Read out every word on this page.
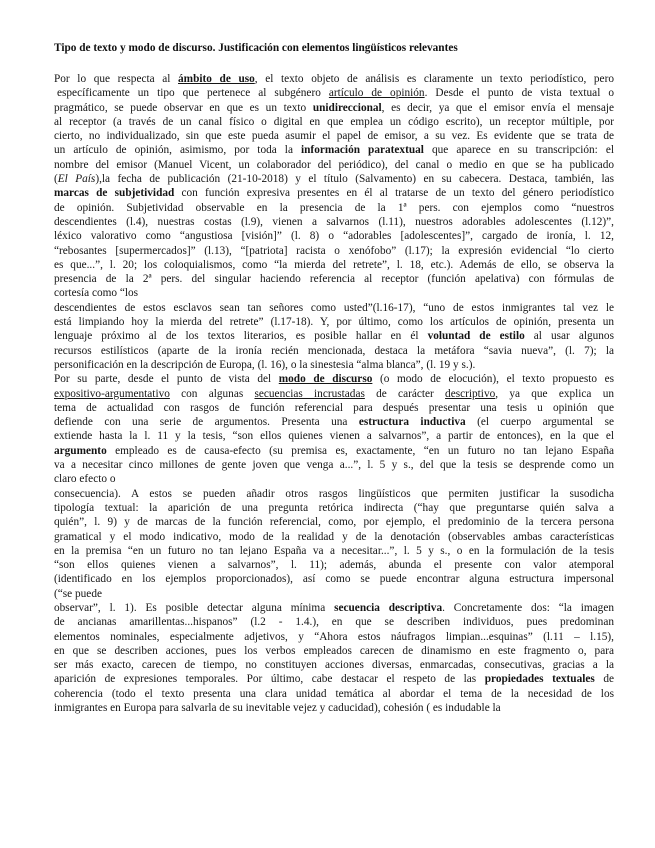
Tipo de texto y modo de discurso. Justificación con elementos lingüísticos relevantes
Por lo que respecta al ámbito de uso, el texto objeto de análisis es claramente un texto periodístico, pero
específicamente un tipo que pertenece al subgénero artículo de opinión. Desde el punto de vista textual o
pragmático, se puede observar en que es un texto unidireccional, es decir, ya que el emisor envía el mensaje
al receptor (a través de un canal físico o digital en que emplea un código escrito), un receptor múltiple, por
cierto, no individualizado, sin que este pueda asumir el papel de emisor, a su vez. Es evidente que se trata de
un artículo de opinión, asimismo, por toda la información paratextual que aparece en su transcripción: el
nombre del emisor (Manuel Vicent, un colaborador del periódico), del canal o medio en que se ha publicado
(El País),la fecha de publicación (21-10-2018) y el título (Salvamento) en su cabecera. Destaca, también, las
marcas de subjetividad con función expresiva presentes en él al tratarse de un texto del género periodístico
de opinión. Subjetividad observable en la presencia de la 1ª pers. con ejemplos como “nuestros
descendientes (l.4), nuestras costas (l.9), vienen a salvarnos (l.11), nuestros adorables adolescentes (l.12)”,
léxico valorativo como “angustiosa [visión]” (l. 8) o “adorables [adolescentes]”, cargado de ironía, l. 12,
“rebosantes [supermercados]” (l.13), “[patriota] racista o xenófobo” (l.17); la expresión evidencial “lo cierto
es que...”, l. 20; los coloquialismos, como “la mierda del retrete”, l. 18, etc.). Además de ello, se observa la
presencia de la 2ª pers. del singular haciendo referencia al receptor (función apelativa) con fórmulas de
cortesía como “los
descendientes de estos esclavos sean tan señores como usted”(l.16-17), “uno de estos inmigrantes tal vez le
está limpiando hoy la mierda del retrete” (l.17-18). Y, por último, como los artículos de opinión, presenta un
lenguaje próximo al de los textos literarios, es posible hallar en él voluntad de estilo al usar algunos
recursos estilísticos (aparte de la ironía recién mencionada, destaca la metáfora “savia nueva”, (l. 7); la
personificación en la descripción de Europa, (l. 16), o la sinestesia “alma blanca”, (l. 19 y s.).
Por su parte, desde el punto de vista del modo de discurso (o modo de elocución), el texto propuesto es
expositivo-argumentativo con algunas secuencias incrustadas de carácter descriptivo, ya que explica un
tema de actualidad con rasgos de función referencial para después presentar una tesis u opinión que
defiende con una serie de argumentos. Presenta una estructura inductiva (el cuerpo argumental se
extiende hasta la l. 11 y la tesis, “son ellos quienes vienen a salvarnos”, a partir de entonces), en la que el
argumento empleado es de causa-efecto (su premisa es, exactamente, “en un futuro no tan lejano España
va a necesitar cinco millones de gente joven que venga a...”, l. 5 y s., del que la tesis se desprende como un
claro efecto o
consecuencia). A estos se pueden añadir otros rasgos lingüísticos que permiten justificar la susodicha
tipología textual: la aparición de una pregunta retórica indirecta (“hay que preguntarse quién salva a
quién”, l. 9) y de marcas de la función referencial, como, por ejemplo, el predominio de la tercera persona
gramatical y el modo indicativo, modo de la realidad y de la denotación (observables ambas características
en la premisa “en un futuro no tan lejano España va a necesitar...”, l. 5 y s., o en la formulación de la tesis
“son ellos quienes vienen a salvarnos”, l. 11); además, abunda el presente con valor atemporal
(identificado en los ejemplos proporcionados), así como se puede encontrar alguna estructura impersonal
(“se puede
observar”, l. 1). Es posible detectar alguna mínima secuencia descriptiva. Concretamente dos: “la imagen
de ancianas amarillentas...hispanos” (l.2 - 1.4.), en que se describen individuos, pues predominan
elementos nominales, especialmente adjetivos, y “Ahora estos náufragos limpian...esquinas” (l.11 – l.15),
en que se describen acciones, pues los verbos empleados carecen de dinamismo en este fragmento o, para
ser más exacto, carecen de tiempo, no constituyen acciones diversas, enmarcadas, consecutivas, gracias a la
aparición de expresiones temporales. Por último, cabe destacar el respeto de las propiedades textuales de
coherencia (todo el texto presenta una clara unidad temática al abordar el tema de la necesidad de los
inmigrantes en Europa para salvarla de su inevitable vejez y caducidad), cohesión ( es indudable la
